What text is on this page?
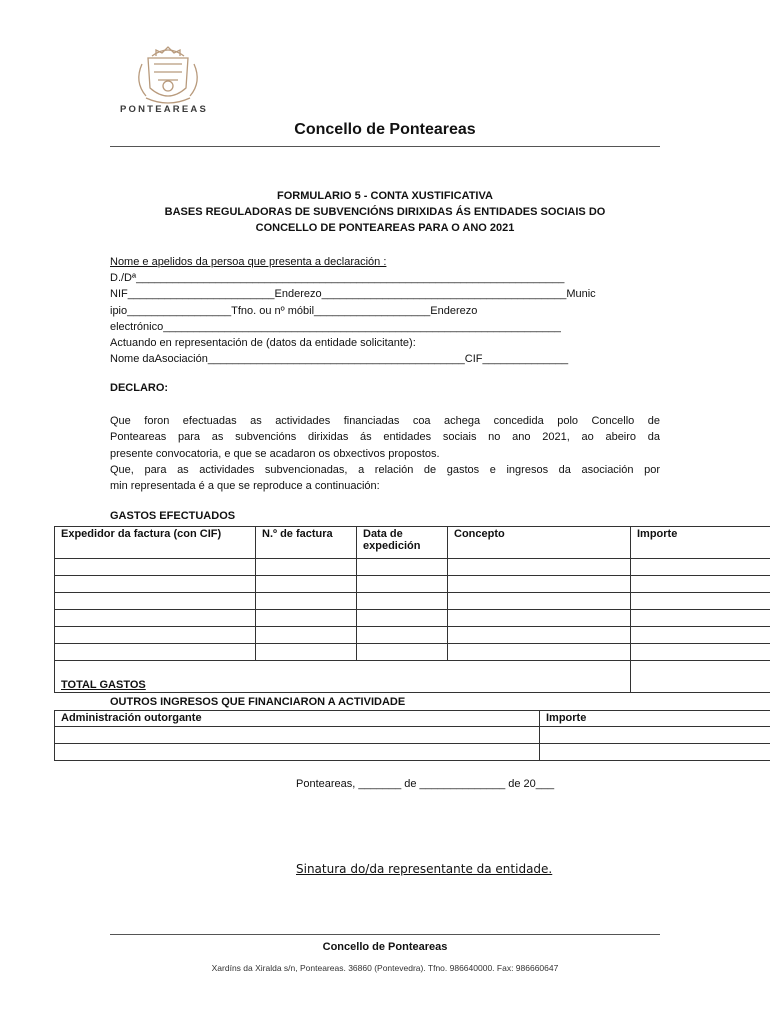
PONTEAREAS
Concello de Ponteareas
FORMULARIO 5 - CONTA XUSTIFICATIVA
BASES REGULADORAS DE SUBVENCIÓNS DIRIXIDAS ÁS ENTIDADES SOCIAIS DO
CONCELLO DE PONTEAREAS PARA O ANO 2021
Nome e apelidos da persoa que presenta a declaración :
D./Dª______________________________________________________________________
NIF________________________Enderezo________________________________________Munic
ipio_________________Tfno. ou nº móbil___________________Enderezo
electrónico_________________________________________________________________
Actuando en representación de (datos da entidade solicitante):
Nome daAsociación__________________________________________CIF______________
DECLARO:
Que foron efectuadas as actividades financiadas coa achega concedida polo Concello de
Ponteareas para as subvencións dirixidas ás entidades sociais no ano 2021, ao abeiro da
presente convocatoria, e que se acadaron os obxectivos propostos.
Que, para as actividades subvencionadas, a relación de gastos e ingresos da asociación por
min representada é a que se reproduce a continuación:
GASTOS EFECTUADOS
Expedidor da factura (con CIF)	N.º de factura	Data de expedición	Concepto	Importe

TOTAL GASTOS				
OUTROS INGRESOS QUE FINANCIARON A ACTIVIDADE
Administración outorgante	Importe

Ponteareas, _______ de ______________ de 20___
Sinatura do/da representante da entidade.
Concello de Ponteareas
Xardíns da Xiralda s/n, Ponteareas. 36860 (Pontevedra). Tfno. 986640000. Fax: 986660647
